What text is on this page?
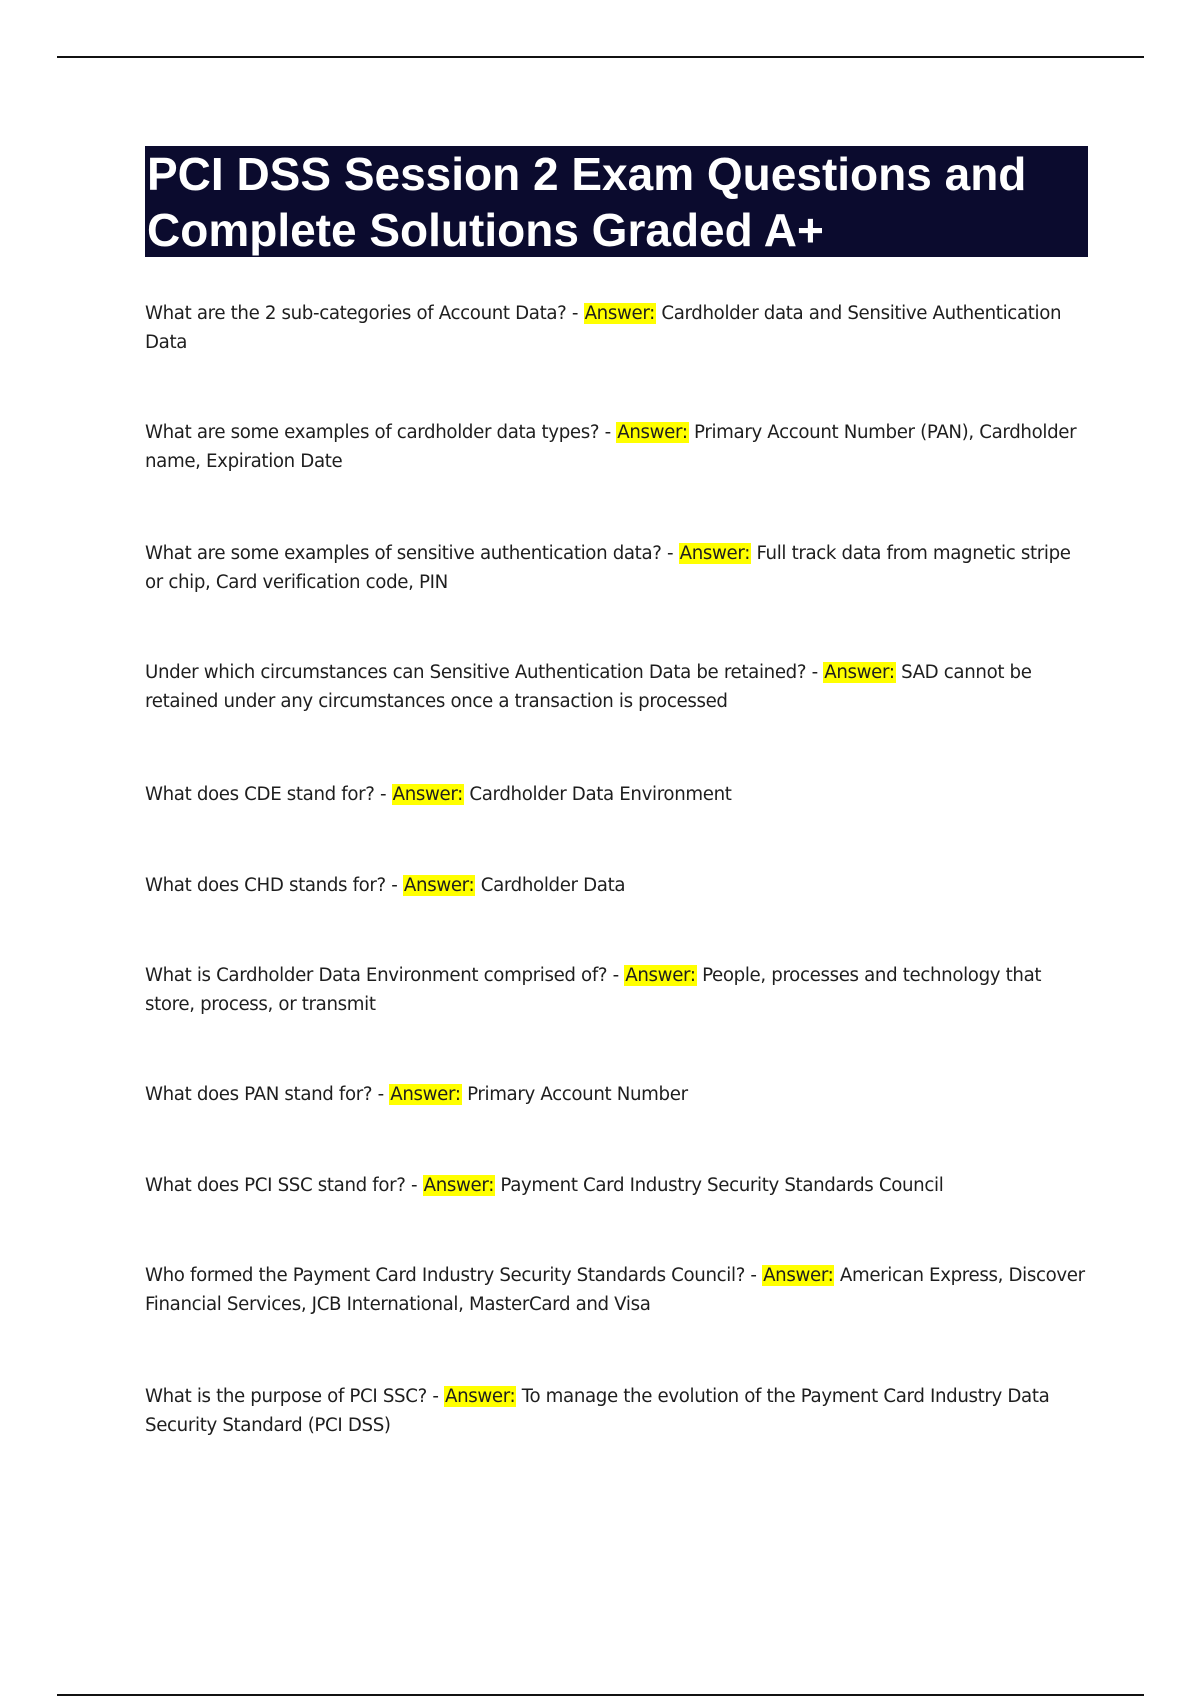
PCI DSS Session 2 Exam Questions and
Complete Solutions Graded A+
What are the 2 sub-categories of Account Data? - Answer: Cardholder data and Sensitive Authentication Data
What are some examples of cardholder data types? - Answer: Primary Account Number (PAN), Cardholder name, Expiration Date
What are some examples of sensitive authentication data? - Answer: Full track data from magnetic stripe or chip, Card verification code, PIN
Under which circumstances can Sensitive Authentication Data be retained? - Answer: SAD cannot be retained under any circumstances once a transaction is processed
What does CDE stand for? - Answer: Cardholder Data Environment
What does CHD stands for? - Answer: Cardholder Data
What is Cardholder Data Environment comprised of? - Answer: People, processes and technology that store, process, or transmit
What does PAN stand for? - Answer: Primary Account Number
What does PCI SSC stand for? - Answer: Payment Card Industry Security Standards Council
Who formed the Payment Card Industry Security Standards Council? - Answer: American Express, Discover Financial Services, JCB International, MasterCard and Visa
What is the purpose of PCI SSC? - Answer: To manage the evolution of the Payment Card Industry Data Security Standard (PCI DSS)
